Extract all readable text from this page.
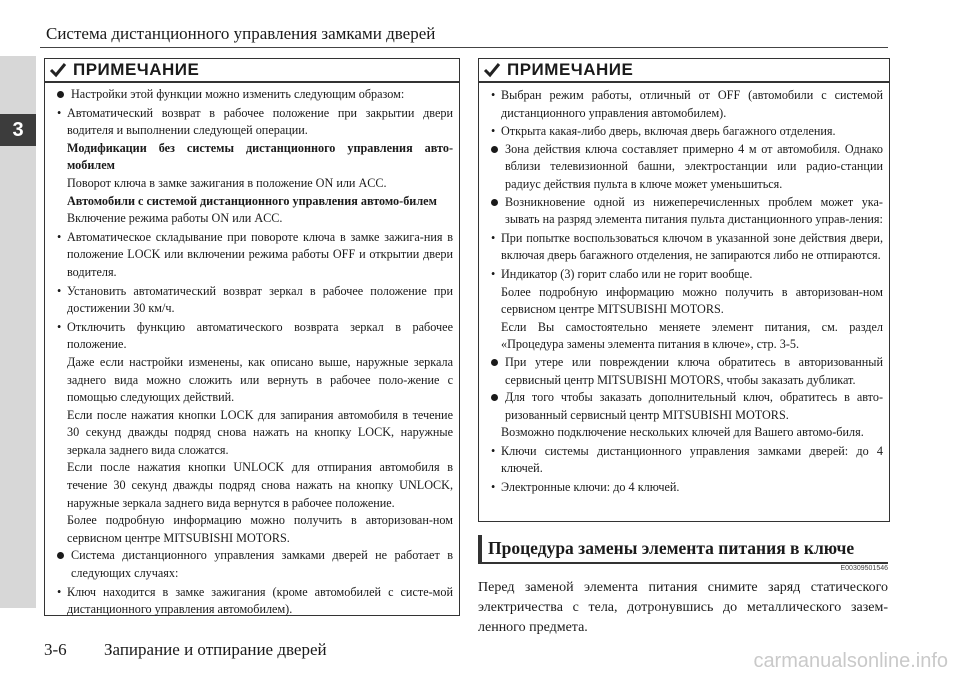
3
Система дистанционного управления замками дверей
ПРИМЕЧАНИЕ
Настройки этой функции можно изменить следующим образом:
• Автоматический возврат в рабочее положение при закрытии двери водителя и выполнении следующей операции.
Модификации без системы дистанционного управления авто-мобилем
Поворот ключа в замке зажигания в положение ON или ACC.
Автомобили с системой дистанционного управления автомо-билем
Включение режима работы ON или ACC.
• Автоматическое складывание при повороте ключа в замке зажига-ния в положение LOCK или включении режима работы OFF и открытии двери водителя.
• Установить автоматический возврат зеркал в рабочее положение при достижении 30 км/ч.
• Отключить функцию автоматического возврата зеркал в рабочее положение.
Даже если настройки изменены, как описано выше, наружные зеркала заднего вида можно сложить или вернуть в рабочее поло-жение с помощью следующих действий.
Если после нажатия кнопки LOCK для запирания автомобиля в течение 30 секунд дважды подряд снова нажать на кнопку LOCK, наружные зеркала заднего вида сложатся.
Если после нажатия кнопки UNLOCK для отпирания автомобиля в течение 30 секунд дважды подряд снова нажать на кнопку UNLOCK, наружные зеркала заднего вида вернутся в рабочее положение.
Более подробную информацию можно получить в авторизован-ном сервисном центре MITSUBISHI MOTORS.
Система дистанционного управления замками дверей не работает в следующих случаях:
• Ключ находится в замке зажигания (кроме автомобилей с систе-мой дистанционного управления автомобилем).
ПРИМЕЧАНИЕ
• Выбран режим работы, отличный от OFF (автомобили с системой дистанционного управления автомобилем).
• Открыта какая-либо дверь, включая дверь багажного отделения.
Зона действия ключа составляет примерно 4 м от автомобиля. Однако вблизи телевизионной башни, электростанции или радио-станции радиус действия пульта в ключе может уменьшиться.
Возникновение одной из нижеперечисленных проблем может ука-зывать на разряд элемента питания пульта дистанционного управ-ления:
• При попытке воспользоваться ключом в указанной зоне действия двери, включая дверь багажного отделения, не запираются либо не отпираются.
• Индикатор (3) горит слабо или не горит вообще.
Более подробную информацию можно получить в авторизован-ном сервисном центре MITSUBISHI MOTORS.
Если Вы самостоятельно меняете элемент питания, см. раздел «Процедура замены элемента питания в ключе», стр. 3-5.
При утере или повреждении ключа обратитесь в авторизованный сервисный центр MITSUBISHI MOTORS, чтобы заказать дубликат.
Для того чтобы заказать дополнительный ключ, обратитесь в авто-ризованный сервисный центр MITSUBISHI MOTORS.
Возможно подключение нескольких ключей для Вашего автомо-биля.
• Ключи системы дистанционного управления замками дверей: до 4 ключей.
• Электронные ключи: до 4 ключей.
Процедура замены элемента питания в ключе
E00309501546
Перед заменой элемента питания снимите заряд статического электричества с тела, дотронувшись до металлического зазем-ленного предмета.
3-6 Запирание и отпирание дверей
carmanualsonline.info
